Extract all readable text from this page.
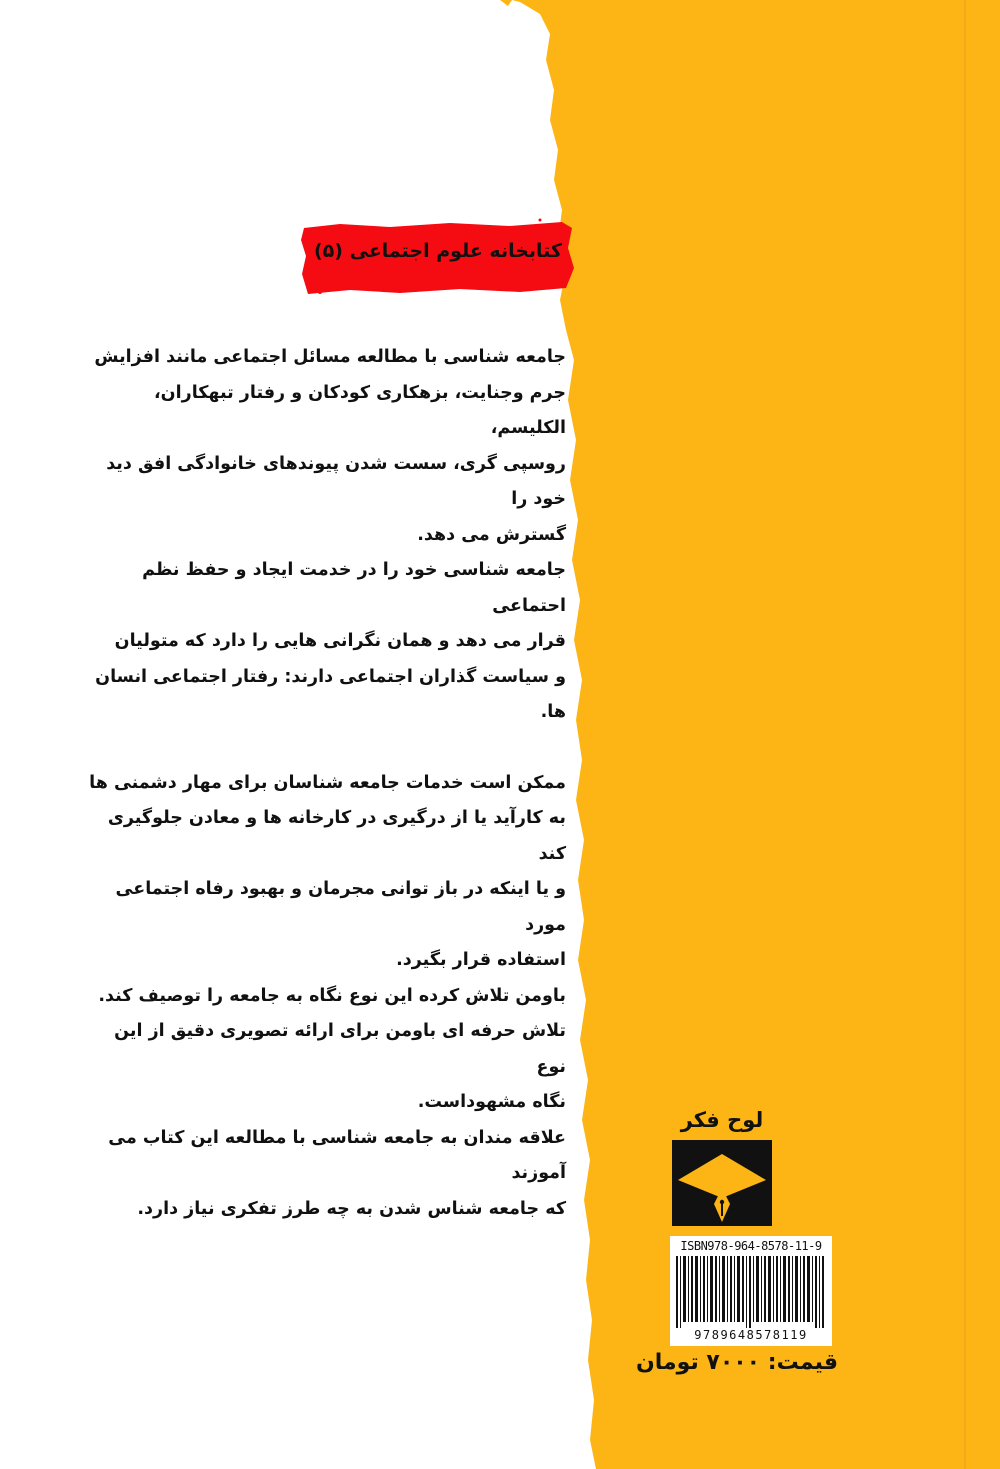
کتابخانه علوم اجتماعی (۵)
جامعه شناسی با مطالعه مسائل اجتماعی مانند افزایش
جرم وجنایت، بزهکاری کودکان و رفتار تبهکاران، الکلیسم،
روسپی گری، سست شدن پیوندهای خانوادگی افق دید خود را
گسترش می دهد.
جامعه شناسی خود را در خدمت ایجاد و حفظ نظم احتماعی
قرار می دهد و همان نگرانی هایی را دارد که متولیان
و سیاست گذاران اجتماعی دارند: رفتار اجتماعی انسان ها.
ممکن است خدمات جامعه شناسان برای مهار دشمنی ها
به کارآید یا از درگیری در کارخانه ها و معادن جلوگیری کند
و یا اینکه در باز توانی مجرمان و بهبود رفاه اجتماعی مورد
استفاده قرار بگیرد.
باومن تلاش کرده این نوع نگاه به جامعه را توصیف کند.
تلاش حرفه ای باومن برای ارائه تصویری دقیق از این نوع
نگاه مشهوداست.
علاقه مندان به جامعه شناسی با مطالعه این کتاب می آموزند
که جامعه شناس شدن به چه طرز تفکری نیاز دارد.
لوح فکر
ISBN978-964-8578-11-9
9789648578119
قیمت: ۷۰۰۰ تومان
